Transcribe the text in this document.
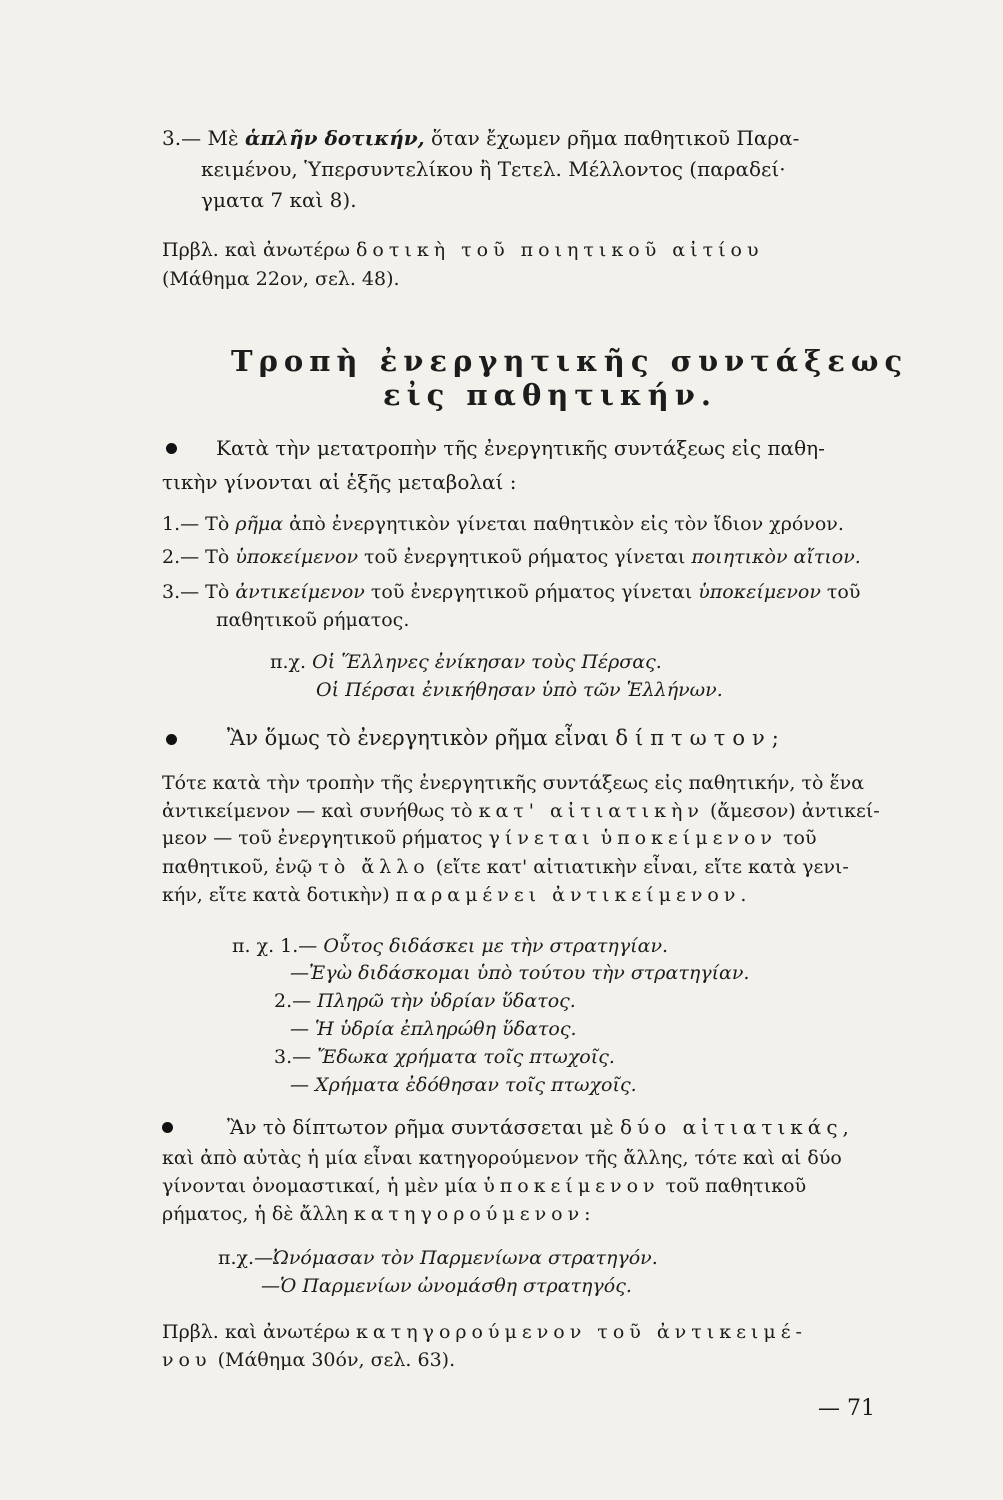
3.— Μὲ ἁπλῆν δοτικήν, ὅταν ἔχωμεν ρῆμα παθητικοῦ Παρα-
κειμένου, Ὑπερσυντελίκου ἢ Τετελ. Μέλλοντος (παραδεί·
γματα 7 καὶ 8).
Πρβλ. καὶ ἀνωτέρω δοτικὴ τοῦ ποιητικοῦ αἰτίου
(Μάθημα 22ον, σελ. 48).
Τροπὴ ἐνεργητικῆς συντάξεως
εἰς παθητικήν.
Κατὰ τὴν μετατροπὴν τῆς ἐνεργητικῆς συντάξεως εἰς παθη-
τικὴν γίνονται αἱ ἑξῆς μεταβολαί :
1.— Τὸ ρῆμα ἀπὸ ἐνεργητικὸν γίνεται παθητικὸν εἰς τὸν ἴδιον χρόνον.
2.— Τὸ ὑποκείμενον τοῦ ἐνεργητικοῦ ρήματος γίνεται ποιητικὸν αἴτιον.
3.— Τὸ ἀντικείμενον τοῦ ἐνεργητικοῦ ρήματος γίνεται ὑποκείμενον τοῦ
παθητικοῦ ρήματος.
π.χ. Οἱ Ἕλληνες ἐνίκησαν τοὺς Πέρσας.
Οἱ Πέρσαι ἐνικήθησαν ὑπὸ τῶν Ἑλλήνων.
Ἂν ὅμως τὸ ἐνεργητικὸν ρῆμα εἶναι δίπτωτον;
Τότε κατὰ τὴν τροπὴν τῆς ἐνεργητικῆς συντάξεως εἰς παθητικήν, τὸ ἕνα
ἀντικείμενον — καὶ συνήθως τὸ κατ' αἰτιατικὴν (ἄμεσον) ἀντικεί-
μεον — τοῦ ἐνεργητικοῦ ρήματος γίνεται ὑποκείμενον τοῦ
παθητικοῦ, ἐνῷ τὸ ἄλλο (εἴτε κατ' αἰτιατικὴν εἶναι, εἴτε κατὰ γενι-
κήν, εἴτε κατὰ δοτικὴν) παραμένει ἀντικείμενον.
π. χ. 1.— Οὗτος διδάσκει με τὴν στρατηγίαν.
—Ἐγὼ διδάσκομαι ὑπὸ τούτου τὴν στρατηγίαν.
2.— Πληρῶ τὴν ὑδρίαν ὕδατος.
— Ἡ ὑδρία ἐπληρώθη ὕδατος.
3.— Ἔδωκα χρήματα τοῖς πτωχοῖς.
— Χρήματα ἐδόθησαν τοῖς πτωχοῖς.
Ἂν τὸ δίπτωτον ρῆμα συντάσσεται μὲ δύο αἰτιατικάς,
καὶ ἀπὸ αὐτὰς ἡ μία εἶναι κατηγορούμενον τῆς ἄλλης, τότε καὶ αἱ δύο
γίνονται ὀνομαστικαί, ἡ μὲν μία ὑποκείμενον τοῦ παθητικοῦ
ρήματος, ἡ δὲ ἄλλη κατηγορούμενον:
π.χ.—Ὠνόμασαν τὸν Παρμενίωνα στρατηγόν.
—Ὁ Παρμενίων ὠνομάσθη στρατηγός.
Πρβλ. καὶ ἀνωτέρω κατηγορούμενον τοῦ ἀντικειμέ-
νου (Μάθημα 30όν, σελ. 63).
— 71
